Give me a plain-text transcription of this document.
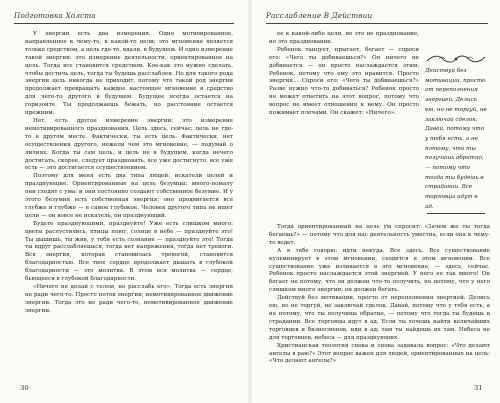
Подготовка Холста

У энергии есть два измерения. Одно мотивированное, направленное к чему-то, к какой-то цели; это мгновение является только средством, а цель где-то, вдали, в будущем. И одно измерение такой энергии: это измерение деятельности, ориентированное на цель. Тогда все становится средством. Кое-как это нужно сделать, чтобы достичь цель, тогда ты будешь расслаблен. Но для такого рода энергии цель никогда не приходит, потому что такой род энергии продолжает превращать каждое настоящее мгновение в средство для чего-то другого в будущем. Будущее всегда остается на горизонте. Ты продолжаешь бежать, но расстояние остается прежним.

Нет, есть другое измерение энергии: это измерение немотивированного празднования. Цель здесь, сейчас; цель не где-то в другом месте. Фактически, ты есть цель. Фактически, нет осуществления другого, нежели чем это мгновение, — подумай о лилиях. Когда ты сам цель, и цель не в будущем, когда нечего достигать, скорее, следует праздновать, все уже достигнуто, все уже есть — это достигается ссуществлением.

Поэтому для меня есть два типа людей: искатели целей и празднующие. Ориентированные на цель безумцы: много-помалу они сходят с ума; и они постоянно создают собственное безумие. И у этого безумия есть собственная энергия: оно продвигается все глубже и глубже — в самое глубокое. Человек другого типа не ищет цели — он вовсе не искатель, он празднующий.

Будьте празднующими, празднуйте! Уже есть слишком много: цветы распустились, птицы поют, солнце в небе — празднуйте это! Ты дышишь, ты жив, у тебя есть сознание — празднуйте это! Тогда ты вдруг расслабляешься, тогда нет напряжения, тогда нет тревоги. Вся энергия, которая становилась тревогой, становится благодарностью. Все твое сердце продолжает дышать в глубокой благодарности — это молитва. В этом вся молитва — сердце, бьющееся в глубокой благодарности.

«Ничего не делай с телом, но расслабь его». Тогда есть энергия не ради чего-то. Просто поток энергии, немотивированное движение энергии. Тогда это не ради чего-то, немотивированное движение энергии.

30
Расслабление В Действии

ее к какой-либо цели, но это не празднование, но это празднование.

Ребенок танцует, прыгает, бегает — спроси его: «Чего ты добиваешься?» Он ничего не добивается — он просто наслаждается этим. Ребенок, потому что ему это нравится. Просто энергия... Спроси его: «Чего ты добиваешься?» Разве нужно что-то добиваться? Ребенок просто не может ответить на этот вопрос, потому что вопрос не имеет отношения к нему. Он просто пожимает плечами. Он скажет: «Ничего».

Тогда ориентированный на цель ум спросит: «Зачем же ты тогда бегаешь?» — потому что для нас деятельность уместна, если она к чему-то ведет.

А я тебе говорю: идти некуда. Все здесь. Все существование кульминирует в этом мгновении, сходится в этом мгновении. Все существование уже изливается в это мгновение, — здесь, сейчас. Ребенок просто наслаждается этой энергией. У него ее так много! Он бегает не потому, что он должен что-то получить, но потому, что у него слишком много энергии; он должен бегать.

Действуй без мотивации, просто от переполнения энергией. Делись ею, но не торгуй, не заключай сделок. Давай, потому что у тебя есть, а не потому, что ты получишь обратно, — потому что тогда ты будешь в страдании. Все торговцы идут в ад. Если ты хочешь найти величайших торговцев и бизнесменов, иди в ад; там ты найдешь их там. Небеса не для торговцев, небеса — для празднующих.

Христианская теология снова и снова задавала вопрос: «Что делают ангелы в раю?» Этот вопрос важен для людей, ориентированных на цель: «Что делают ангелы?»

31
Действуй без мотивации, просто от переполнения энергией. Делись ею, но не торгуй, не заключай сделок. Давай, потому что у тебя есть, а не потому, что ты получишь обратно, — потому что тогда ты будешь в страдании. Все торговцы идут в ад.
